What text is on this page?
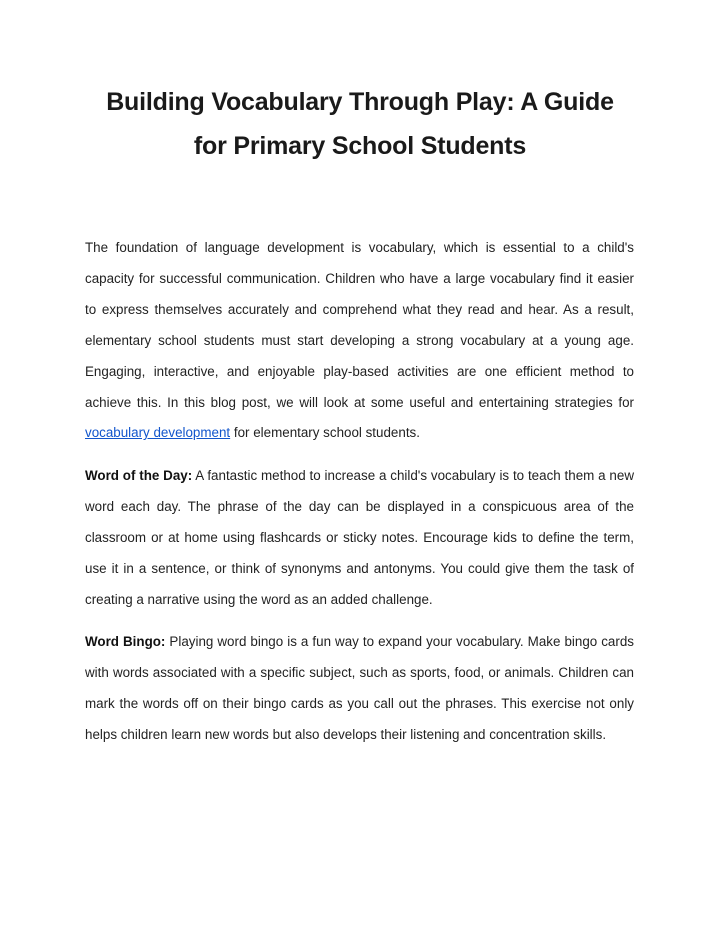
Building Vocabulary Through Play: A Guide
for Primary School Students

The foundation of language development is vocabulary, which is essential to a child's capacity for successful communication. Children who have a large vocabulary find it easier to express themselves accurately and comprehend what they read and hear. As a result, elementary school students must start developing a strong vocabulary at a young age. Engaging, interactive, and enjoyable play-based activities are one efficient method to achieve this. In this blog post, we will look at some useful and entertaining strategies for vocabulary development for elementary school students.

Word of the Day: A fantastic method to increase a child's vocabulary is to teach them a new word each day. The phrase of the day can be displayed in a conspicuous area of the classroom or at home using flashcards or sticky notes. Encourage kids to define the term, use it in a sentence, or think of synonyms and antonyms. You could give them the task of creating a narrative using the word as an added challenge.

Word Bingo: Playing word bingo is a fun way to expand your vocabulary. Make bingo cards with words associated with a specific subject, such as sports, food, or animals. Children can mark the words off on their bingo cards as you call out the phrases. This exercise not only helps children learn new words but also develops their listening and concentration skills.
